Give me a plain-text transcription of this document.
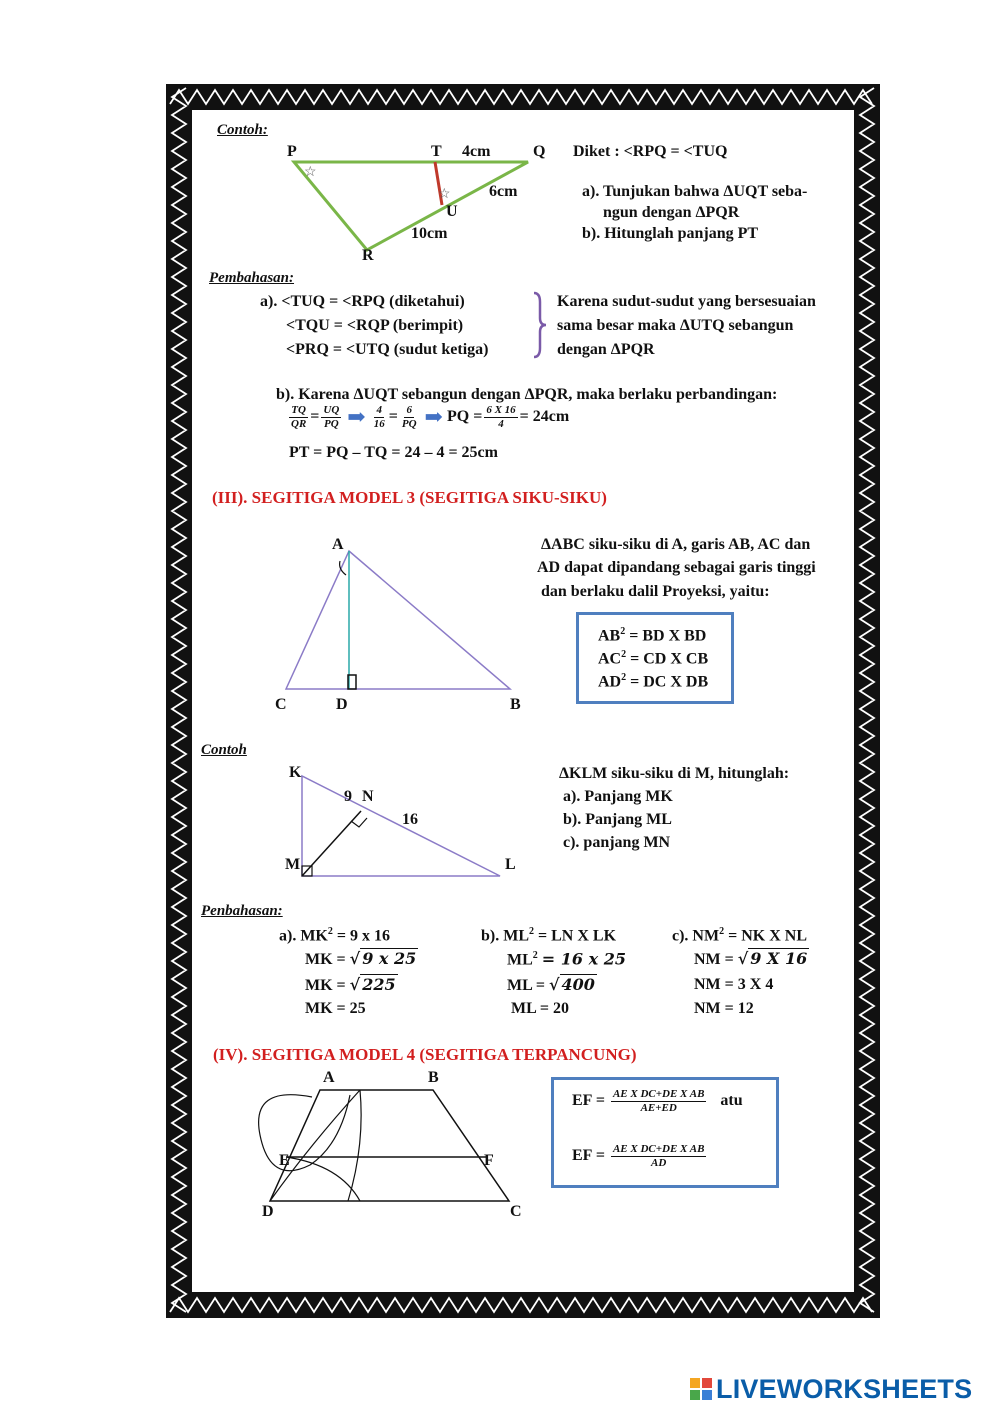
Contoh:
☆
☆
P	T 4cm	Q
U
6cm
10cm
R
Diket : <RPQ = <TUQ
a). Tunjukan bahwa ΔUQT seba-
ngun dengan ΔPQR
b). Hitunglah panjang PT
Pembahasan:
a). <TUQ = <RPQ (diketahui)
<TQU = <RQP (berimpit)
<PRQ = <UTQ (sudut ketiga)
Karena sudut-sudut yang bersesuaian
sama besar maka ΔUTQ sebangun
dengan ΔPQR
b). Karena ΔUQT sebangun dengan ΔPQR, maka berlaku perbandingan:
$\frac{TQ}{QR} = \frac{UQ}{PQ}$ ➡ $\frac{4}{16} = \frac{6}{PQ}$ ➡ PQ = $\frac{6 X 16}{4} = 24cm$
PT = PQ – TQ = 24 – 4 = 25cm
(III). SEGITIGA MODEL 3 (SEGITIGA SIKU-SIKU)
A
C	D	B
ΔABC siku-siku di A, garis AB, AC dan
AD dapat dipandang sebagai garis tinggi
dan berlaku dalil Proyeksi, yaitu:
$AB^2$ = BD X BD
$AC^2$ = CD X CB
$AD^2$ = DC X DB
Contoh
K
9 N
16
M	L
ΔKLM siku-siku di M, hitunglah:
a). Panjang MK
b). Panjang ML
c). panjang MN
Penbahasan:
a). $MK^2 = 9$ x 16
MK = √ 9 x 25
MK = √ 225
MK = 25
b). $ML^2$ = LN X LK
$ML^2 = 16$ x 25
ML = √ 400
ML = 20
c). $NM^2$ = NK X NL
NM = √ 9 X 16
NM = 3 X 4
NM = 12
(IV). SEGITIGA MODEL 4 (SEGITIGA TERPANCUNG)
A	B
E	F
D	C
EF = $\frac{\text{AE X DC+DE X AB}}{AE+ED}$ atu
EF = $\frac{\text{AE X DC+DE X AB}}{AD}$
LIVEWORKSHEETS
